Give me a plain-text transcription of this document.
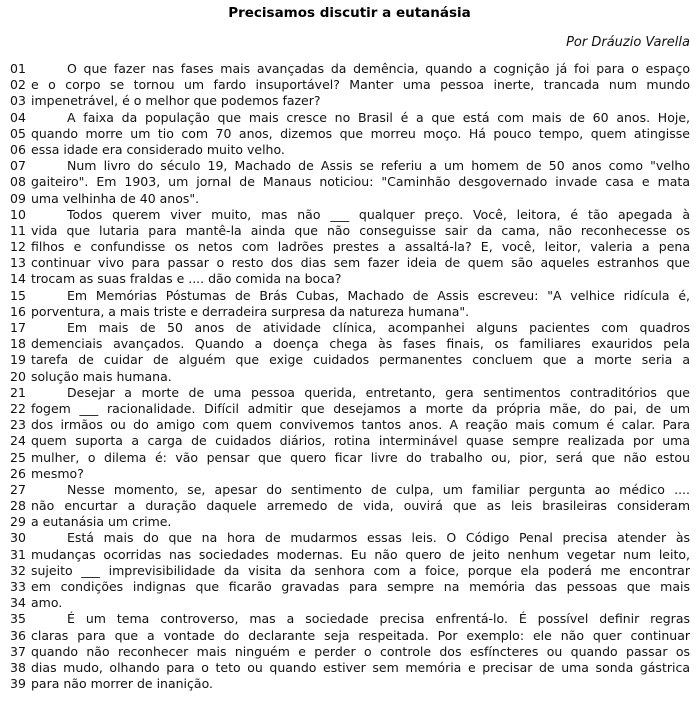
Precisamos discutir a eutanásia
Por Dráuzio Varella
01	O que fazer nas fases mais avançadas da demência, quando a cognição já foi para o espaço
02 e o corpo se tornou um fardo insuportável? Manter uma pessoa inerte, trancada num mundo
03 impenetrável, é o melhor que podemos fazer?
04	A faixa da população que mais cresce no Brasil é a que está com mais de 60 anos. Hoje,
05 quando morre um tio com 70 anos, dizemos que morreu moço. Há pouco tempo, quem atingisse
06 essa idade era considerado muito velho.
07	Num livro do século 19, Machado de Assis se referiu a um homem de 50 anos como "velho
08 gaiteiro". Em 1903, um jornal de Manaus noticiou: "Caminhão desgovernado invade casa e mata
09 uma velhinha de 40 anos".
10	Todos querem viver muito, mas não ___ qualquer preço. Você, leitora, é tão apegada à
11 vida que lutaria para mantê-la ainda que não conseguisse sair da cama, não reconhecesse os
12 filhos e confundisse os netos com ladrões prestes a assaltá-la? E, você, leitor, valeria a pena
13 continuar vivo para passar o resto dos dias sem fazer ideia de quem são aqueles estranhos que
14 trocam as suas fraldas e .... dão comida na boca?
15	Em Memórias Póstumas de Brás Cubas, Machado de Assis escreveu: "A velhice ridícula é,
16 porventura, a mais triste e derradeira surpresa da natureza humana".
17	Em mais de 50 anos de atividade clínica, acompanhei alguns pacientes com quadros
18 demenciais avançados. Quando a doença chega às fases finais, os familiares exauridos pela
19 tarefa de cuidar de alguém que exige cuidados permanentes concluem que a morte seria a
20 solução mais humana.
21	Desejar a morte de uma pessoa querida, entretanto, gera sentimentos contraditórios que
22 fogem ___ racionalidade. Difícil admitir que desejamos a morte da própria mãe, do pai, de um
23 dos irmãos ou do amigo com quem convivemos tantos anos. A reação mais comum é calar. Para
24 quem suporta a carga de cuidados diários, rotina interminável quase sempre realizada por uma
25 mulher, o dilema é: vão pensar que quero ficar livre do trabalho ou, pior, será que não estou
26 mesmo?
27	Nesse momento, se, apesar do sentimento de culpa, um familiar pergunta ao médico ....
28 não encurtar a duração daquele arremedo de vida, ouvirá que as leis brasileiras consideram
29 a eutanásia um crime.
30	Está mais do que na hora de mudarmos essas leis. O Código Penal precisa atender às
31 mudanças ocorridas nas sociedades modernas. Eu não quero de jeito nenhum vegetar num leito,
32 sujeito ___ imprevisibilidade da visita da senhora com a foice, porque ela poderá me encontrar
33 em condições indignas que ficarão gravadas para sempre na memória das pessoas que mais
34 amo.
35	É um tema controverso, mas a sociedade precisa enfrentá-lo. É possível definir regras
36 claras para que a vontade do declarante seja respeitada. Por exemplo: ele não quer continuar
37 quando não reconhecer mais ninguém e perder o controle dos esfíncteres ou quando passar os
38 dias mudo, olhando para o teto ou quando estiver sem memória e precisar de uma sonda gástrica
39 para não morrer de inanição.
